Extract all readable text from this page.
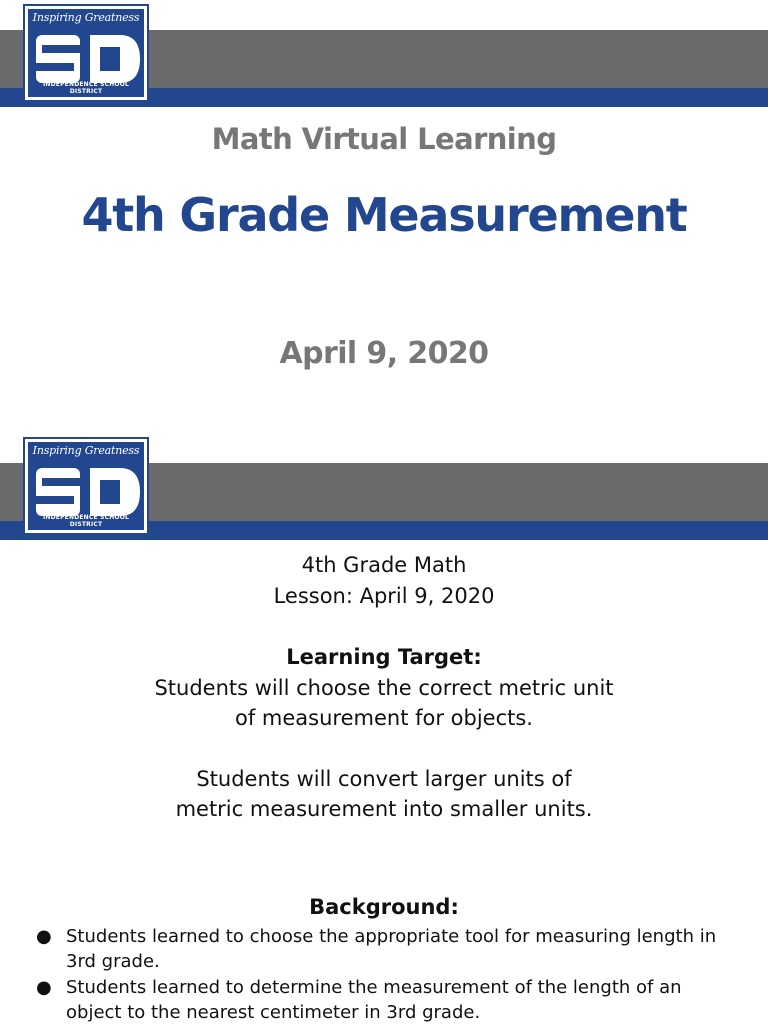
Inspiring Greatness
INDEPENDENCE SCHOOL DISTRICT
Math Virtual Learning
4th Grade Measurement
April 9, 2020
Inspiring Greatness
INDEPENDENCE SCHOOL DISTRICT
4th Grade Math
Lesson: April 9, 2020
Learning Target:
Students will choose the correct metric unit
of measurement for objects.
Students will convert larger units of
metric measurement into smaller units.
Background:
● Students learned to choose the appropriate tool for measuring length in 3rd grade.
● Students learned to determine the measurement of the length of an object to the nearest centimeter in 3rd grade.
